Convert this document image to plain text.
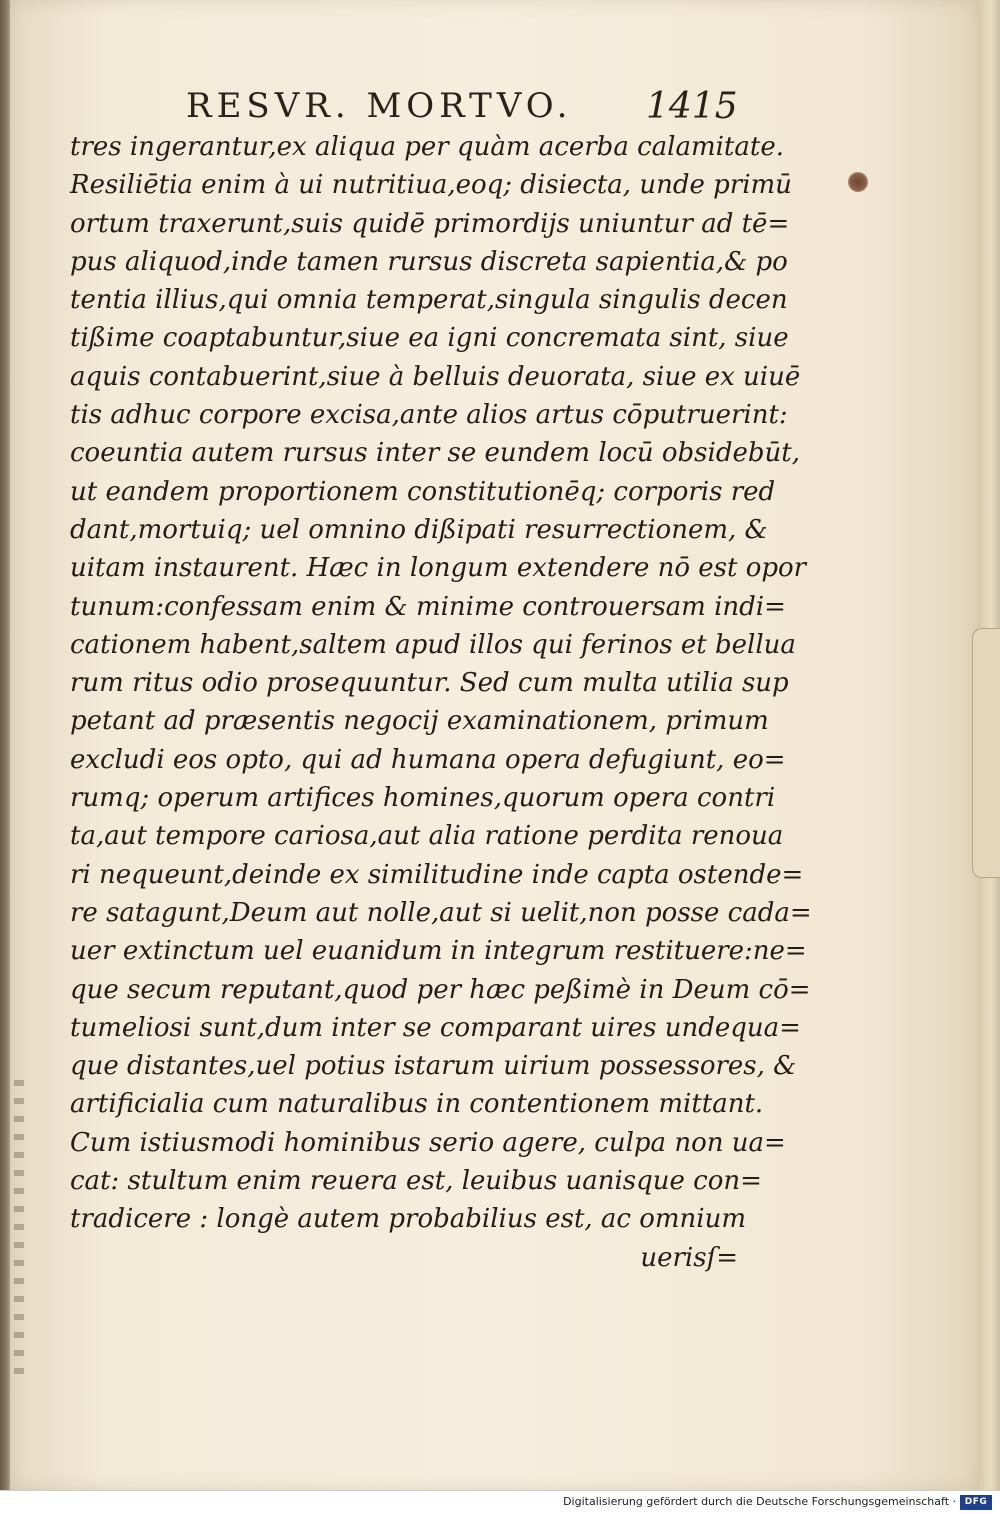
RESVR. MORTVO. 1415
tres ingerantur,ex aliqua per quàm acerba calamitate.
Resiliētia enim à ui nutritiua,eoq; disiecta, unde primū
ortum traxerunt,suis quidē primordijs uniuntur ad tē=
pus aliquod,inde tamen rursus discreta sapientia,& po
tentia illius,qui omnia temperat,singula singulis decen
tißime coaptabuntur,siue ea igni concremata sint, siue
aquis contabuerint,siue à belluis deuorata, siue ex uiuē
tis adhuc corpore excisa,ante alios artus cōputruerint:
coeuntia autem rursus inter se eundem locū obsidebūt,
ut eandem proportionem constitutionēq; corporis red
dant,mortuiq; uel omnino dißipati resurrectionem, &
uitam instaurent. Hæc in longum extendere nō est opor
tunum:confessam enim & minime controuersam indi=
cationem habent,saltem apud illos qui ferinos et bellua
rum ritus odio prosequuntur. Sed cum multa utilia sup
petant ad præsentis negocij examinationem, primum
excludi eos opto, qui ad humana opera defugiunt, eo=
rumq; operum artifices homines,quorum opera contri
ta,aut tempore cariosa,aut alia ratione perdita renoua
ri nequeunt,deinde ex similitudine inde capta ostende=
re satagunt,Deum aut nolle,aut si uelit,non posse cada=
uer extinctum uel euanidum in integrum restituere:ne=
que secum reputant,quod per hæc peßimè in Deum cō=
tumeliosi sunt,dum inter se comparant uires undequa=
que distantes,uel potius istarum uirium possessores, &
artificialia cum naturalibus in contentionem mittant.
Cum istiusmodi hominibus serio agere, culpa non ua=
cat: stultum enim reuera est, leuibus uanisque con=
tradicere : longè autem probabilius est, ac omnium
uerisſ=
Digitalisierung gefördert durch die Deutsche Forschungsgemeinschaft · DFG
